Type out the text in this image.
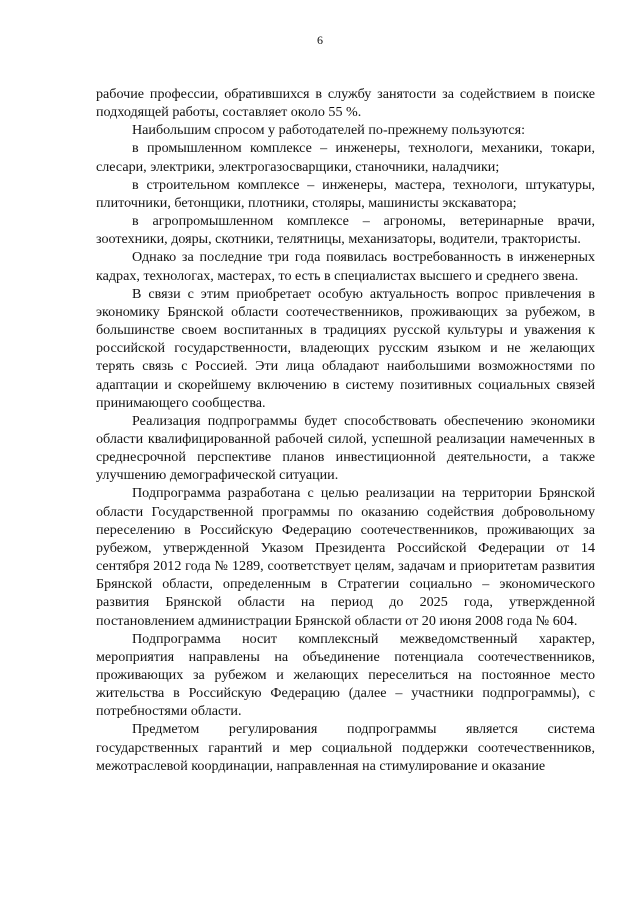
6

рабочие профессии, обратившихся в службу занятости за содействием в поиске подходящей работы, составляет около 55 %.

Наибольшим спросом у работодателей по-прежнему пользуются:

в промышленном комплексе – инженеры, технологи, механики, токари, слесари, электрики, электрогазосварщики, станочники, наладчики;

в строительном комплексе – инженеры, мастера, технологи, штукатуры, плиточники, бетонщики, плотники, столяры, машинисты экскаватора;

в агропромышленном комплексе – агрономы, ветеринарные врачи, зоотехники, дояры, скотники, телятницы, механизаторы, водители, трактористы.

Однако за последние три года появилась востребованность в инженерных кадрах, технологах, мастерах, то есть в специалистах высшего и среднего звена.

В связи с этим приобретает особую актуальность вопрос привлечения в экономику Брянской области соотечественников, проживающих за рубежом, в большинстве своем воспитанных в традициях русской культуры и уважения к российской государственности, владеющих русским языком и не желающих терять связь с Россией. Эти лица обладают наибольшими возможностями по адаптации и скорейшему включению в систему позитивных социальных связей принимающего сообщества.

Реализация подпрограммы будет способствовать обеспечению экономики области квалифицированной рабочей силой, успешной реализации намеченных в среднесрочной перспективе планов инвестиционной деятельности, а также улучшению демографической ситуации.

Подпрограмма разработана с целью реализации на территории Брянской области Государственной программы по оказанию содействия добровольному переселению в Российскую Федерацию соотечественников, проживающих за рубежом, утвержденной Указом Президента Российской Федерации от 14 сентября 2012 года № 1289, соответствует целям, задачам и приоритетам развития Брянской области, определенным в Стратегии социально – экономического развития Брянской области на период до 2025 года, утвержденной постановлением администрации Брянской области от 20 июня 2008 года № 604.

Подпрограмма носит комплексный межведомственный характер, мероприятия направлены на объединение потенциала соотечественников, проживающих за рубежом и желающих переселиться на постоянное место жительства в Российскую Федерацию (далее – участники подпрограммы), с потребностями области.

Предметом регулирования подпрограммы является система государственных гарантий и мер социальной поддержки соотечественников, межотраслевой координации, направленная на стимулирование и оказание
